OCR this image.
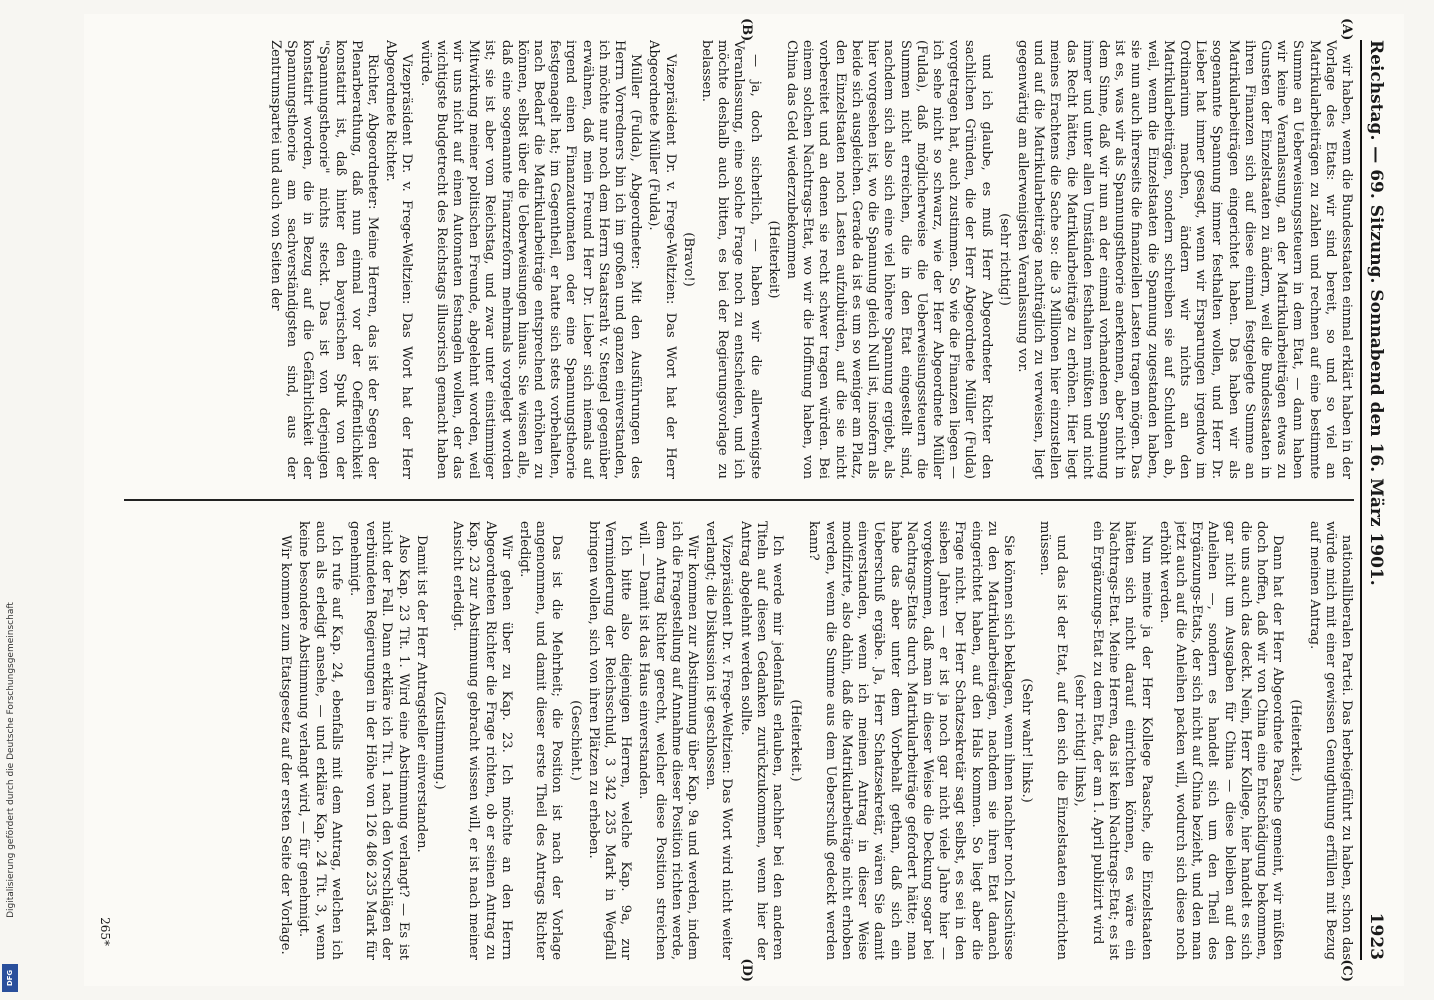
Reichstag. — 69. Sitzung. Sonnabend den 16. März 1901.
1923

wir haben, wenn die Bundesstaaten einmal erklärt haben in der Vorlage des Etats: wir sind bereit, so und so viel an Matrikularbeiträgen zu zahlen und rechnen auf eine bestimmte Summe an Ueberweisungssteuern in dem Etat, — dann haben wir keine Veranlassung, an der Matrikularbeiträgen etwas zu Gunsten der Einzelstaaten zu ändern, weil die Bundesstaaten in ihren Finanzen sich auf diese einmal festgelegte Summe an Matrikularbeiträgen eingerichtet haben. Das haben wir als sogenannte Spannung immer festhalten wollen, und Herr Dr. Lieber hat immer gesagt, wenn wir Ersparungen irgendwo im Ordinarium machen, ändern wir nichts an den Matrikularbeiträgen, sondern schreiben sie auf Schulden ab, weil, wenn die Einzelstaaten die Spannung zugestanden haben, sie nun auch ihrerseits die finanziellen Lasten tragen mögen. Das ist es, was wir als Spannungstheorie anerkennen, aber nicht in dem Sinne, daß wir nun an der einmal vorhandenen Spannung immer und unter allen Umständen festhalten müßten und nicht das Recht hätten, die Matrikularbeiträge zu erhöhen. Hier liegt meines Erachtens die Sache so: die 3 Millionen hier einzustellen und auf die Matrikularbeiträge nachträglich zu verweisen, liegt gegenwärtig am allerwenigsten Veranlassung vor.

(sehr richtig!)

und ich glaube, es muß Herr Abgeordneter Richter den sachlichen Gründen, die der Herr Abgeordnete Müller (Fulda) vorgetragen hat, auch zustimmen. So wie die Finanzen liegen — ich sehe nicht so schwarz, wie der Herr Abgeordnete Müller (Fulda), daß möglicherweise die Ueberweisungssteuern die Summen nicht erreichen, die in den Etat eingestellt sind, nachdem sich also sich eine viel höhere Spannung ergiebt, als hier vorgesehen ist, wo die Spannung gleich Null ist, insofern als beide sich ausgleichen. Gerade da ist es um so weniger am Platz, den Einzelstaaten noch Lasten aufzubürden, auf die sie nicht vorbereitet und an denen sie recht schwer tragen würden. Bei einem solchen Nachtrags-Etat, wo wir die Hoffnung haben, von China das Geld wiederzubekommen

(Heiterkeit)

— ja, doch sicherlich, — haben wir die allerwenigste Veranlassung, eine solche Frage noch zu entscheiden, und ich möchte deshalb auch bitten, es bei der Regierungsvorlage zu belassen.

(Bravo!)

Vizepräsident Dr. v. Frege-Weltzien: Das Wort hat der Herr Abgeordnete Müller (Fulda).

Müller (Fulda), Abgeordneter: Mit den Ausführungen des Herrn Vorredners bin ich im großen und ganzen einverstanden, ich möchte nur noch dem Herrn Staatsrath v. Stengel gegenüber erwähnen, daß mein Freund Herr Dr. Lieber sich niemals auf irgend einen Finanzautomaten oder eine Spannungstheorie festgenagelt hat; im Gegentheil, er hatte sich stets vorbehalten, nach Bedarf die Matrikularbeiträge entsprechend erhöhen zu können, selbst über die Ueberweisungen hinaus. Sie wissen alle, daß eine sogenannte Finanzreform mehrmals vorgelegt worden ist; sie ist aber vom Reichstag, und zwar unter einstimmiger Mitwirkung meiner politischen Freunde, abgelehnt worden, weil wir uns nicht auf einen Automaten festnageln wollen, der das wichtigste Budgetrecht des Reichstags illusorisch gemacht haben würde.

Vizepräsident Dr. v. Frege-Weltzien: Das Wort hat der Herr Abgeordnete Richter.

Richter, Abgeordneter: Meine Herren, das ist der Segen der Plenarberathung, daß nun einmal vor der Oeffentlichkeit konstatirt ist, daß hinter den bayerischen Spuk von der "Spannungstheorie" nichts steckt. Das ist von derjenigen konstatirt worden, die in Bezug auf die Gefährlichkeit der Spannungstheorie am sachverständigsten sind, aus der Zentrumspartei und auch von Seiten der

nationalliberalen Partei. Das herbeigeführt zu haben, schon das würde mich mit einer gewissen Genugthuung erfüllen mit Bezug auf meinen Antrag.

(Heiterkeit.)

Dann hat der Herr Abgeordnete Paasche gemeint, wir müßten doch hoffen, daß wir von China eine Entschädigung bekommen, die uns auch das deckt. Nein, Herr Kollege, hier handelt es sich gar nicht um Ausgaben für China — diese bleiben auf den Anleihen —, sondern es handelt sich um den Theil des Ergänzungs-Etats, der sich nicht auf China bezieht, und den man jetzt auch auf die Anleihen packen will, wodurch sich diese noch erhöht werden.

Nun meinte ja der Herr Kollege Paasche, die Einzelstaaten hätten sich nicht darauf einrichten können, es wäre ein Nachtrags-Etat. Meine Herren, das ist kein Nachtrags-Etat; es ist ein Ergänzungs-Etat zu dem Etat, der am 1. April publizirt wird

(sehr richtig! links),

und das ist der Etat, auf den sich die Einzelstaaten einrichten müssen.

(Sehr wahr! links.)

Sie können sich beklagen, wenn ihnen nachher noch Zuschüsse zu den Matrikularbeiträgen, nachdem sie ihren Etat danach eingerichtet haben, auf den Hals kommen. So liegt aber die Frage nicht. Der Herr Schatzsekretär sagt selbst, es sei in den sieben Jahren — er ist ja noch gar nicht viele Jahre hier — vorgekommen, daß man in dieser Weise die Deckung sogar bei Nachtrags-Etats durch Matrikularbeiträge gefordert hätte; man habe das aber unter dem Vorbehalt gethan, daß sich ein Ueberschuß ergäbe. Ja, Herr Schatzsekretär, wären Sie damit einverstanden, wenn ich meinen Antrag in dieser Weise modifizirte, also dahin, daß die Matrikularbeiträge nicht erhoben werden, wenn die Summe aus dem Ueberschuß gedeckt werden kann?

(Heiterkeit.)

Ich werde mir jedenfalls erlauben, nachher bei den anderen Titeln auf diesen Gedanken zurückzukommen, wenn hier der Antrag abgelehnt werden sollte.

Vizepräsident Dr. v. Frege-Weltzien: Das Wort wird nicht weiter verlangt; die Diskussion ist geschlossen.

Wir kommen zur Abstimmung über Kap. 9a und werden, indem ich die Fragestellung auf Annahme dieser Position richten werde, dem Antrag Richter gerecht, welcher diese Position streichen will. — Damit ist das Haus einverstanden.

Ich bitte also diejenigen Herren, welche Kap. 9a, zur Verminderung der Reichsschuld, 3 342 235 Mark in Wegfall bringen wollen, sich von ihren Plätzen zu erheben.

(Geschieht.)

Das ist die Mehrheit; die Position ist nach der Vorlage angenommen, und damit dieser erste Theil des Antrags Richter erledigt.

Wir gehen über zu Kap. 23. Ich möchte an den Herrn Abgeordneten Richter die Frage richten, ob er seinen Antrag zu Kap. 23 zur Abstimmung gebracht wissen will, er ist nach meiner Ansicht erledigt.

(Zustimmung.)

Damit ist der Herr Antragsteller einverstanden.

Also Kap. 23 Tit. 1. Wird eine Abstimmung verlangt? — Es ist nicht der Fall. Dann erkläre ich Tit. 1 nach den Vorschlägen der verbündeten Regierungen in der Höhe von 126 486 235 Mark für genehmigt.

Ich rufe auf Kap. 24, ebenfalls mit dem Antrag, welchen ich auch als erledigt ansehe, — und erkläre Kap. 24 Tit. 3, wenn keine besondere Abstimmung verlangt wird, — für genehmigt.

Wir kommen zum Etatsgesetz auf der ersten Seite der Vorlage.

(A)
(B)
(C)
(D)
265*
Digitalisierung gefördert durch die Deutsche Forschungsgemeinschaft
DFG
